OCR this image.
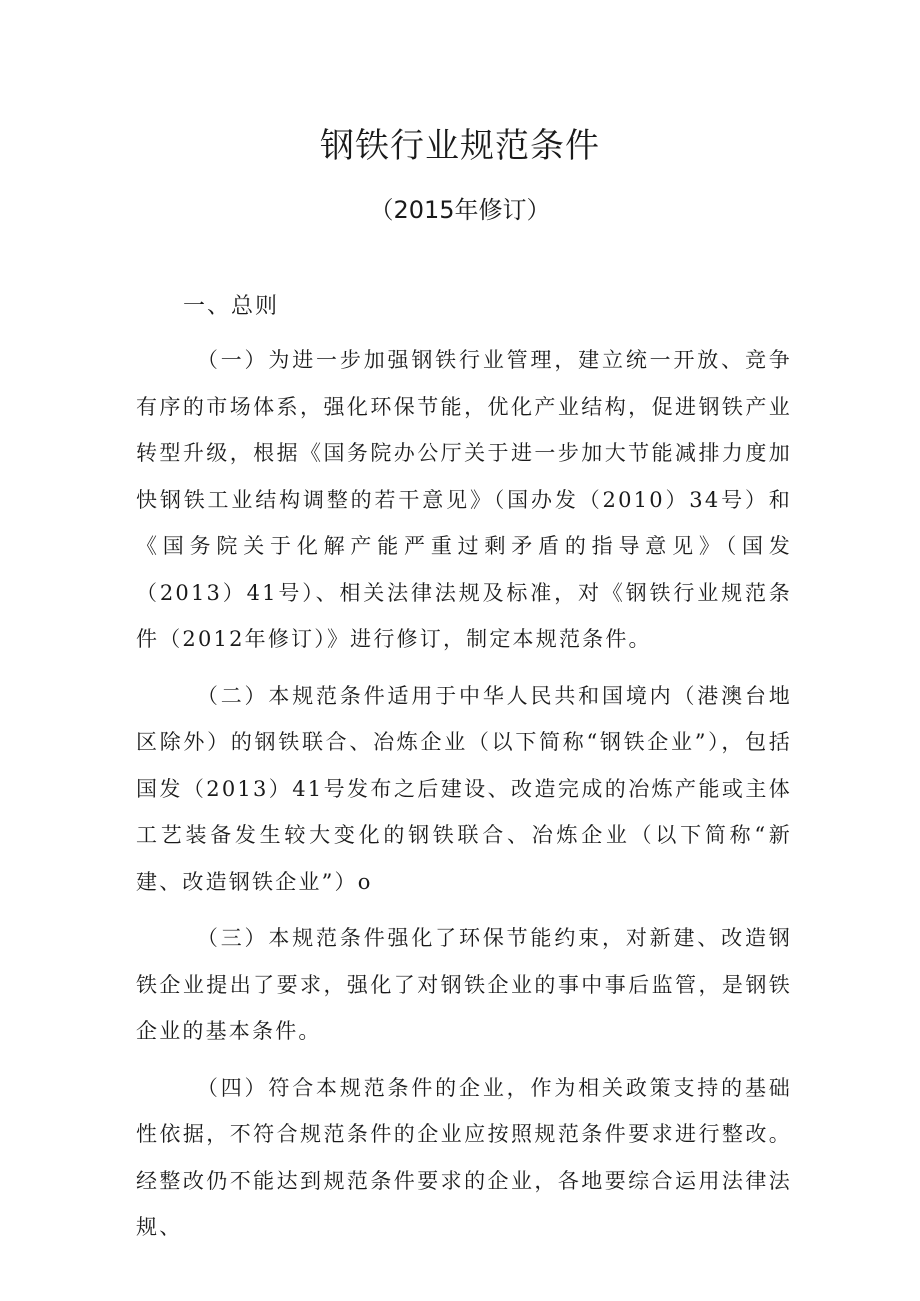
钢铁行业规范条件
（2015年修订）
一、总则

（一）为进一步加强钢铁行业管理，建立统一开放、竞争有序的市场体系，强化环保节能，优化产业结构，促进钢铁产业转型升级，根据《国务院办公厅关于进一步加大节能减排力度加快钢铁工业结构调整的若干意见》（国办发（2010）34号）和《国务院关于化解产能严重过剩矛盾的指导意见》（国发（2013）41号）、相关法律法规及标准，对《钢铁行业规范条件（2012年修订）》进行修订，制定本规范条件。

（二）本规范条件适用于中华人民共和国境内（港澳台地区除外）的钢铁联合、冶炼企业（以下简称“钢铁企业”），包括国发（2013）41号发布之后建设、改造完成的冶炼产能或主体工艺装备发生较大变化的钢铁联合、冶炼企业（以下简称“新建、改造钢铁企业”）o

（三）本规范条件强化了环保节能约束，对新建、改造钢铁企业提出了要求，强化了对钢铁企业的事中事后监管，是钢铁企业的基本条件。

（四）符合本规范条件的企业，作为相关政策支持的基础性依据，不符合规范条件的企业应按照规范条件要求进行整改。经整改仍不能达到规范条件要求的企业，各地要综合运用法律法规、
